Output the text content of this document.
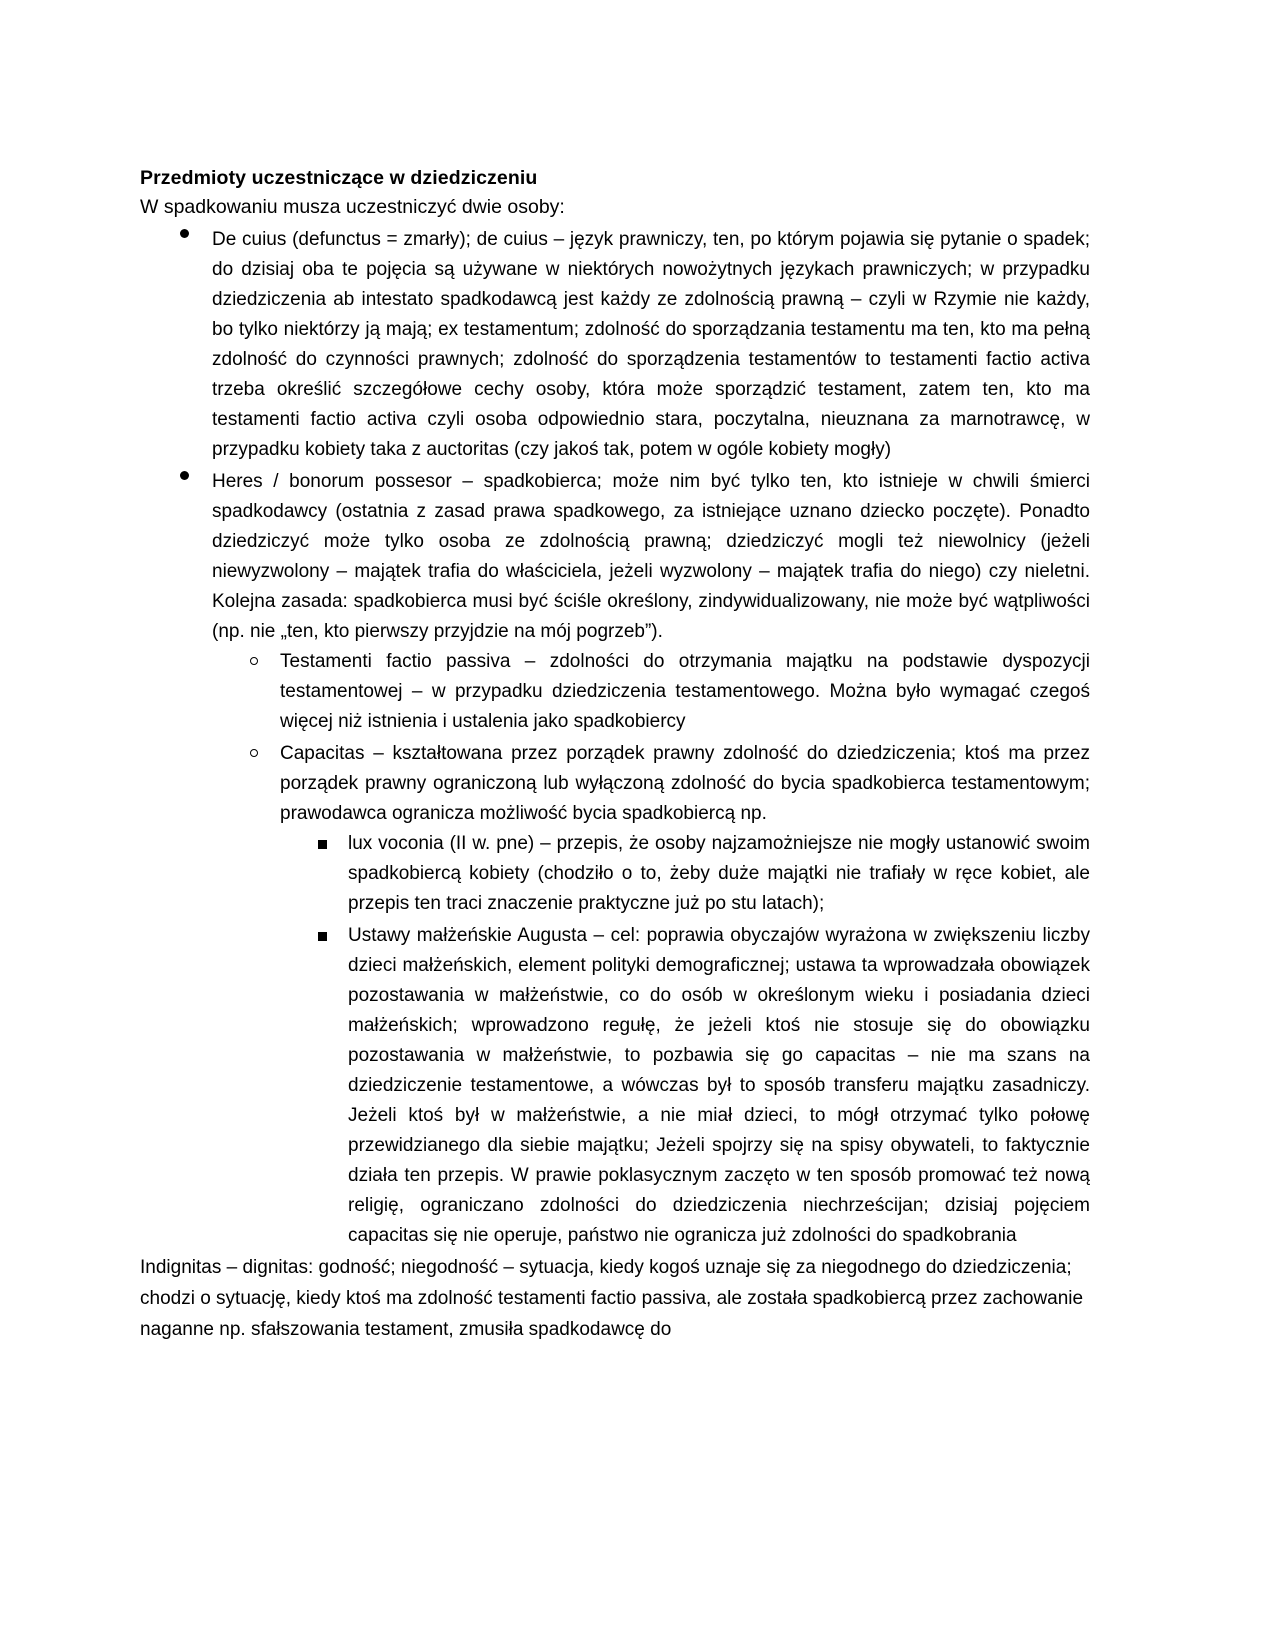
Przedmioty uczestniczące w dziedziczeniu

W spadkowaniu musza uczestniczyć dwie osoby:

De cuius (defunctus = zmarły); de cuius – język prawniczy, ten, po którym pojawia się pytanie o spadek; do dzisiaj oba te pojęcia są używane w niektórych nowożytnych językach prawniczych; w przypadku dziedziczenia ab intestato spadkodawcą jest każdy ze zdolnością prawną – czyli w Rzymie nie każdy, bo tylko niektórzy ją mają; ex testamentum; zdolność do sporządzania testamentu ma ten, kto ma pełną zdolność do czynności prawnych; zdolność do sporządzenia testamentów to testamenti factio activa trzeba określić szczegółowe cechy osoby, która może sporządzić testament, zatem ten, kto ma testamenti factio activa czyli osoba odpowiednio stara, poczytalna, nieuznana za marnotrawcę, w przypadku kobiety taka z auctoritas (czy jakoś tak, potem w ogóle kobiety mogły)

Heres / bonorum possesor – spadkobierca; może nim być tylko ten, kto istnieje w chwili śmierci spadkodawcy (ostatnia z zasad prawa spadkowego, za istniejące uznano dziecko poczęte). Ponadto dziedziczyć może tylko osoba ze zdolnością prawną; dziedziczyć mogli też niewolnicy (jeżeli niewyzwolony – majątek trafia do właściciela, jeżeli wyzwolony – majątek trafia do niego) czy nieletni. Kolejna zasada: spadkobierca musi być ściśle określony, zindywidualizowany, nie może być wątpliwości (np. nie „ten, kto pierwszy przyjdzie na mój pogrzeb”).

Testamenti factio passiva – zdolności do otrzymania majątku na podstawie dyspozycji testamentowej – w przypadku dziedziczenia testamentowego. Można było wymagać czegoś więcej niż istnienia i ustalenia jako spadkobiercy

Capacitas – kształtowana przez porządek prawny zdolność do dziedziczenia; ktoś ma przez porządek prawny ograniczoną lub wyłączoną zdolność do bycia spadkobierca testamentowym; prawodawca ogranicza możliwość bycia spadkobiercą np.

lux voconia (II w. pne) – przepis, że osoby najzamożniejsze nie mogły ustanowić swoim spadkobiercą kobiety (chodziło o to, żeby duże majątki nie trafiały w ręce kobiet, ale przepis ten traci znaczenie praktyczne już po stu latach);

Ustawy małżeńskie Augusta – cel: poprawia obyczajów wyrażona w zwiększeniu liczby dzieci małżeńskich, element polityki demograficznej; ustawa ta wprowadzała obowiązek pozostawania w małżeństwie, co do osób w określonym wieku i posiadania dzieci małżeńskich; wprowadzono regułę, że jeżeli ktoś nie stosuje się do obowiązku pozostawania w małżeństwie, to pozbawia się go capacitas – nie ma szans na dziedziczenie testamentowe, a wówczas był to sposób transferu majątku zasadniczy. Jeżeli ktoś był w małżeństwie, a nie miał dzieci, to mógł otrzymać tylko połowę przewidzianego dla siebie majątku; Jeżeli spojrzy się na spisy obywateli, to faktycznie działa ten przepis. W prawie poklasycznym zaczęto w ten sposób promować też nową religię, ograniczano zdolności do dziedziczenia niechrześcijan; dzisiaj pojęciem capacitas się nie operuje, państwo nie ogranicza już zdolności do spadkobrania

Indignitas – dignitas: godność; niegodność – sytuacja, kiedy kogoś uznaje się za niegodnego do dziedziczenia; chodzi o sytuację, kiedy ktoś ma zdolność testamenti factio passiva, ale została spadkobiercą przez zachowanie naganne np. sfałszowania testament, zmusiła spadkodawcę do
